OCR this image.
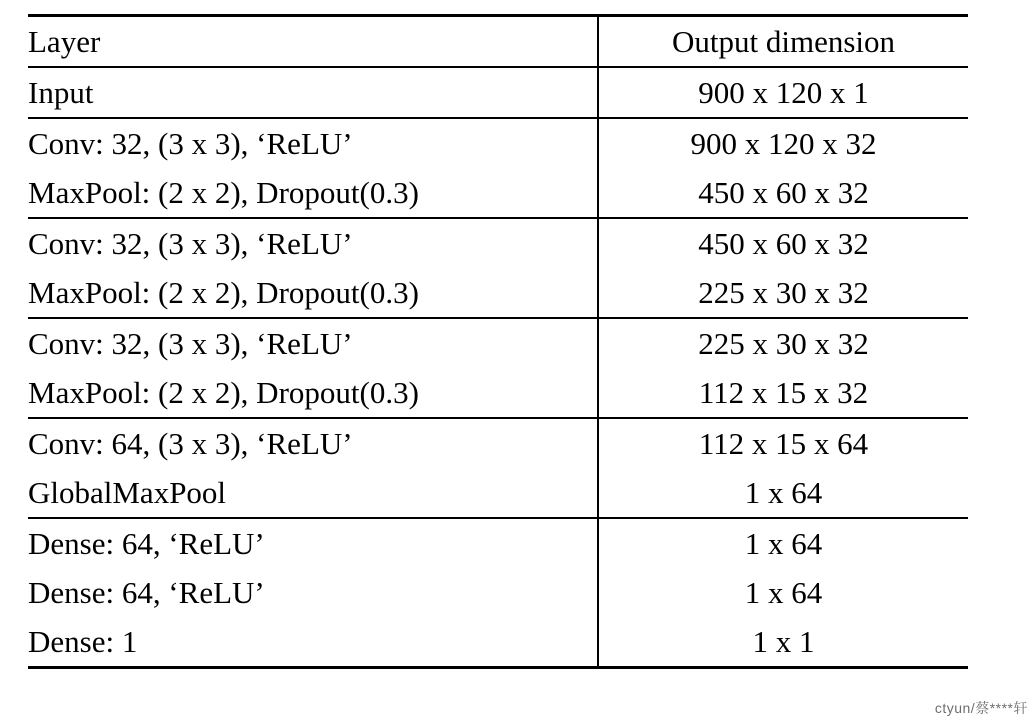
Layer	Output dimension
Input	900 x 120 x 1
Conv: 32, (3 x 3), ‘ReLU’	900 x 120 x 32
MaxPool: (2 x 2), Dropout(0.3)	450 x 60 x 32
Conv: 32, (3 x 3), ‘ReLU’	450 x 60 x 32
MaxPool: (2 x 2), Dropout(0.3)	225 x 30 x 32
Conv: 32, (3 x 3), ‘ReLU’	225 x 30 x 32
MaxPool: (2 x 2), Dropout(0.3)	112 x 15 x 32
Conv: 64, (3 x 3), ‘ReLU’	112 x 15 x 64
GlobalMaxPool	1 x 64
Dense: 64, ‘ReLU’	1 x 64
Dense: 64, ‘ReLU’	1 x 64
Dense: 1	1 x 1
ctyun/蔡****轩
